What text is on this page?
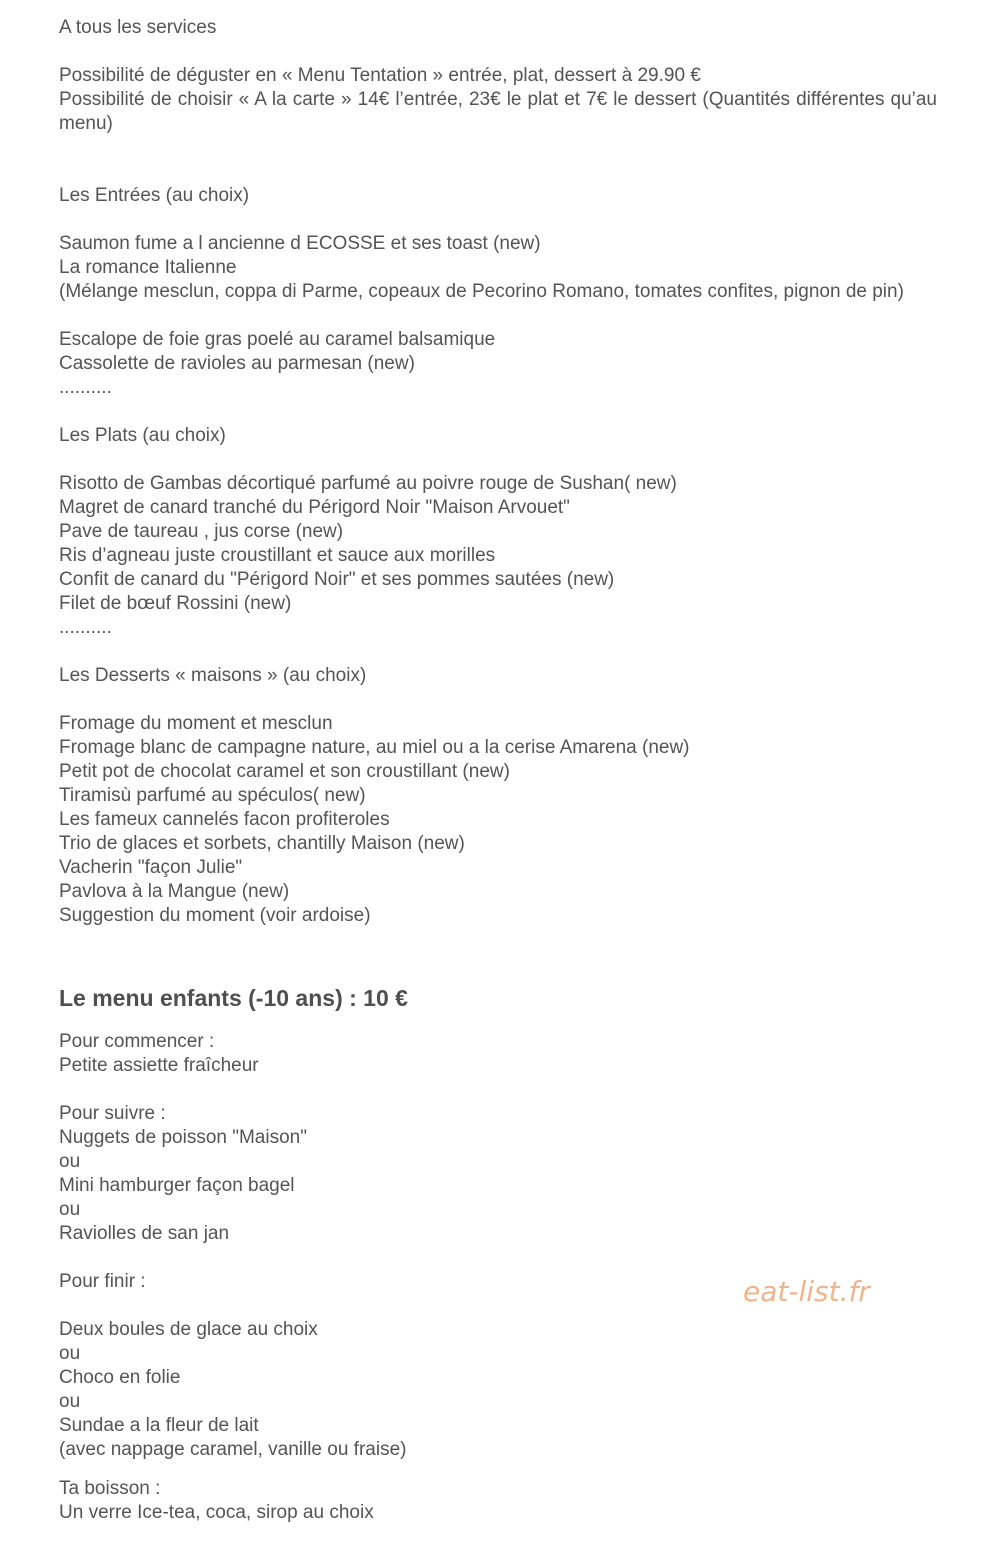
A tous les services
Possibilité de déguster en « Menu Tentation » entrée, plat, dessert à 29.90 €
Possibilité de choisir « A la carte » 14€ l’entrée, 23€ le plat et 7€ le dessert (Quantités différentes qu’au menu)
Les Entrées (au choix)
Saumon fume a l ancienne d ECOSSE et ses toast (new)
La romance Italienne
(Mélange mesclun, coppa di Parme, copeaux de Pecorino Romano, tomates confites, pignon de pin)
Escalope de foie gras poelé au caramel balsamique
Cassolette de ravioles au parmesan (new)
..........
Les Plats (au choix)
Risotto de Gambas décortiqué parfumé au poivre rouge de Sushan( new)
Magret de canard tranché du Périgord Noir "Maison Arvouet"
Pave de taureau , jus corse (new)
Ris d’agneau juste croustillant et sauce aux morilles
Confit de canard du "Périgord Noir" et ses pommes sautées (new)
Filet de bœuf Rossini (new)
..........
Les Desserts « maisons » (au choix)
Fromage du moment et mesclun
Fromage blanc de campagne nature, au miel ou a la cerise Amarena (new)
Petit pot de chocolat caramel et son croustillant (new)
Tiramisù parfumé au spéculos( new)
Les fameux cannelés facon profiteroles
Trio de glaces et sorbets, chantilly Maison (new)
Vacherin "façon Julie"
Pavlova à la Mangue (new)
Suggestion du moment (voir ardoise)
Le menu enfants (-10 ans) : 10 €
Pour commencer :
Petite assiette fraîcheur
Pour suivre :
Nuggets de poisson "Maison"
ou
Mini hamburger façon bagel
ou
Raviolles de san jan
Pour finir :
Deux boules de glace au choix
ou
Choco en folie
ou
Sundae a la fleur de lait
(avec nappage caramel, vanille ou fraise)
Ta boisson :
Un verre Ice-tea, coca, sirop au choix
eat-list.fr
